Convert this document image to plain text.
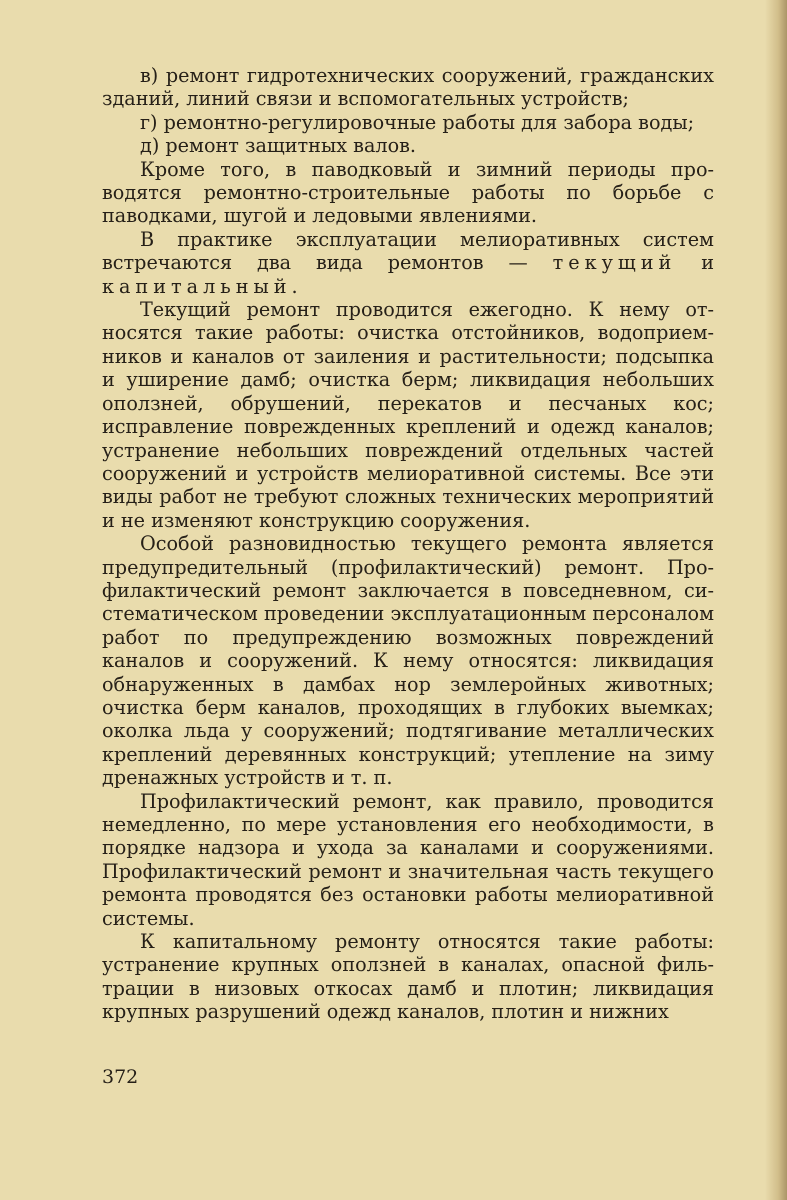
в) ремонт гидротехнических сооружений, гражданских зданий, линий связи и вспомогательных устройств;

г) ремонтно-регулировочные работы для забора воды;

д) ремонт защитных валов.

Кроме того, в паводковый и зимний периоды проводятся ремонтно-строительные работы по борьбе с паводками, шугой и ледовыми явлениями.

В практике эксплуатации мелиоративных систем встречаются два вида ремонтов — текущий и капитальный.

Текущий ремонт проводится ежегодно. К нему относятся такие работы: очистка отстойников, водоприемников и каналов от заиления и растительности; подсыпка и уширение дамб; очистка берм; ликвидация небольших оползней, обрушений, перекатов и песчаных кос; исправление поврежденных креплений и одежд каналов; устранение небольших повреждений отдельных частей сооружений и устройств мелиоративной системы. Все эти виды работ не требуют сложных технических мероприятий и не изменяют конструкцию сооружения.

Особой разновидностью текущего ремонта является предупредительный (профилактический) ремонт. Профилактический ремонт заключается в повседневном, систематическом проведении эксплуатационным персоналом работ по предупреждению возможных повреждений каналов и сооружений. К нему относятся: ликвидация обнаруженных в дамбах нор землеройных животных; очистка берм каналов, проходящих в глубоких выемках; околка льда у сооружений; подтягивание металлических креплений деревянных конструкций; утепление на зиму дренажных устройств и т. п.

Профилактический ремонт, как правило, проводится немедленно, по мере установления его необходимости, в порядке надзора и ухода за каналами и сооружениями. Профилактический ремонт и значительная часть текущего ремонта проводятся без остановки работы мелиоративной системы.

К капитальному ремонту относятся такие работы: устранение крупных оползней в каналах, опасной фильтрации в низовых откосах дамб и плотин; ликвидация крупных разрушений одежд каналов, плотин и нижних

372
